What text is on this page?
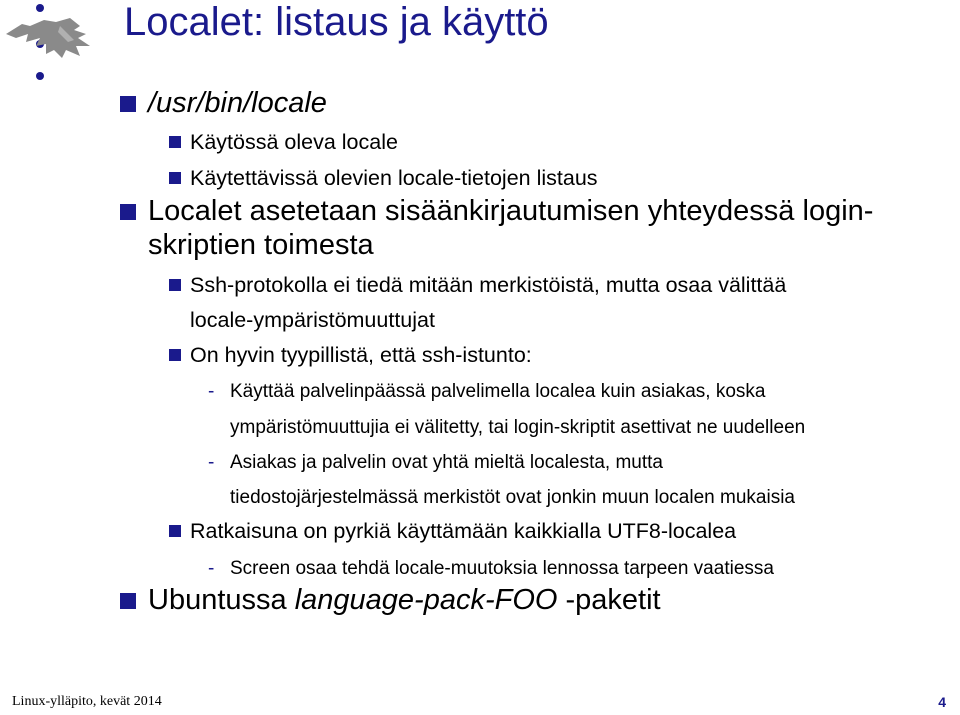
Localet: listaus ja käyttö
/usr/bin/locale
Käytössä oleva locale
Käytettävissä olevien locale-tietojen listaus
Localet asetetaan sisäänkirjautumisen yhteydessä login-
skriptien toimesta
Ssh-protokolla ei tiedä mitään merkistöistä, mutta osaa välittää
locale-ympäristömuuttujat
On hyvin tyypillistä, että ssh-istunto:
- Käyttää palvelinpäässä palvelimella localea kuin asiakas, koska
ympäristömuuttujia ei välitetty, tai login-skriptit asettivat ne uudelleen
- Asiakas ja palvelin ovat yhtä mieltä localesta, mutta
tiedostojärjestelmässä merkistöt ovat jonkin muun localen mukaisia
Ratkaisuna on pyrkiä käyttämään kaikkialla UTF8-localea
- Screen osaa tehdä locale-muutoksia lennossa tarpeen vaatiessa
Ubuntussa language-pack-FOO -paketit
Linux-ylläpito, kevät 2014	4
